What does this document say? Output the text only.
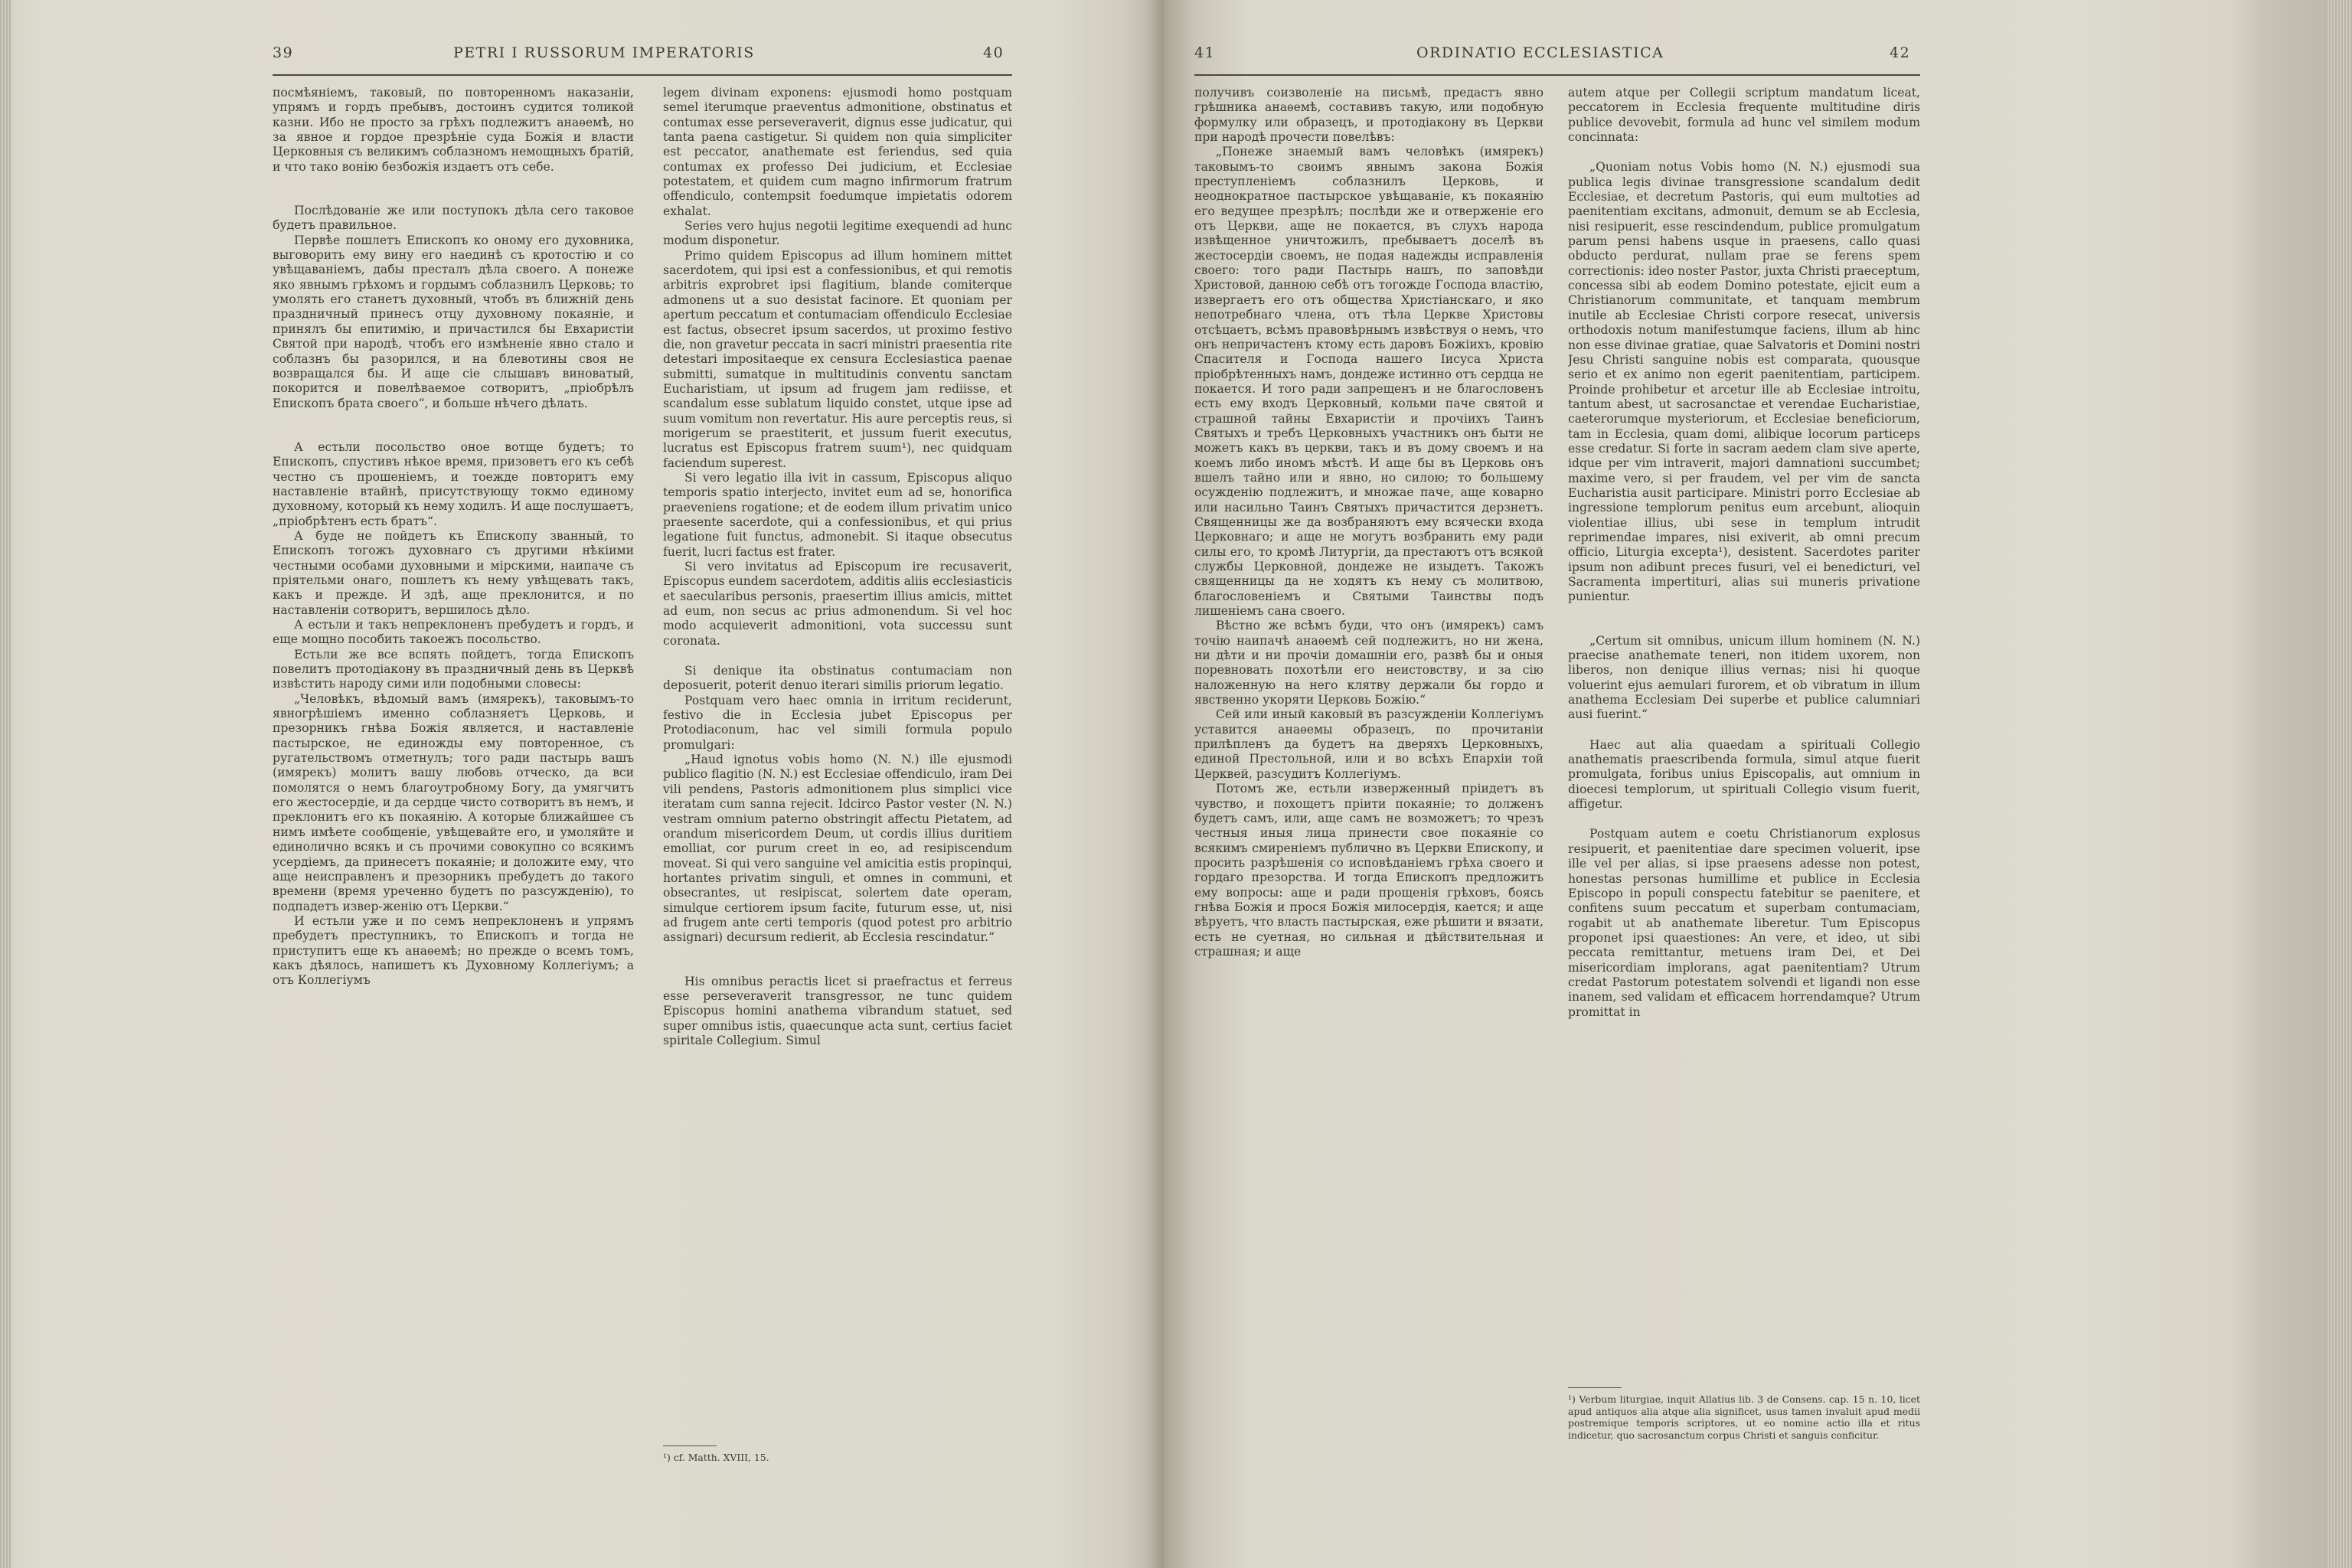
39	PETRI I RUSSORUM IMPERATORIS	40

посмѣянiемъ, таковый, по повторенномъ наказанiи, упрямъ и гордъ пребывъ, достоинъ судится толикой казни. Ибо не просто за грѣхъ подлежитъ анаѳемѣ, но за явное и гордое презрѣнiе суда Божiя и власти Церковныя съ великимъ соблазномъ немощныхъ братiй, и что тако вонію безбожія издаетъ отъ себе.

Послѣдованiе же или поступокъ дѣла сего таковое будетъ правильное.

Первѣе пошлетъ Епископъ ко оному его духовника, выговорить ему вину его наединѣ съ кротостiю и со увѣщаванiемъ, дабы престалъ дѣла своего. А понеже яко явнымъ грѣхомъ и гордымъ соблазнилъ Церковь; то умолять его станетъ духовный, чтобъ въ ближнiй день праздничный принесъ отцу духовному покаянiе, и принялъ бы епитимiю, и причастился бы Евхаристiи Святой при народѣ, чтобъ его измѣненiе явно стало и соблазнъ бы разорился, и на блевотины своя не возвращался бы. И аще сiе слышавъ виноватый, покорится и повелѣваемое сотворитъ, „прiобрѣлъ Епископъ брата своего“, и больше нѣчего дѣлать.

А естьли посольство оное вотще будетъ; то Епископъ, спустивъ нѣкое время, призоветъ его къ себѣ честно съ прошенiемъ, и тоежде повторитъ ему наставленiе втайнѣ, присутствующу токмо единому духовному, который къ нему ходилъ. И аще послушаетъ, „прiобрѣтенъ есть братъ“.

А буде не пойдетъ къ Епископу званный, то Епископъ тогожъ духовнаго съ другими нѣкiими честными особами духовными и мiрскими, наипаче съ прiятельми онаго, пошлетъ къ нему увѣщевать такъ, какъ и прежде. И здѣ, аще преклонится, и по наставленiи сотворитъ, вершилось дѣло.

А естьли и такъ непреклоненъ пребудетъ и гордъ, и еще мощно пособить такоежъ посольство.

Естьли же все вспять пойдетъ, тогда Епископъ повелитъ протодiакону въ праздничный день въ Церквѣ извѣстить народу сими или подобными словесы:

„Человѣкъ, вѣдомый вамъ (имярекъ), таковымъ-то явногрѣшiемъ именно соблазняетъ Церковь, и презорникъ гнѣва Божiя является, и наставленiе пастырское, не единожды ему повторенное, съ ругательствомъ отметнулъ; того ради пастырь вашъ (имярекъ) молитъ вашу любовь отческо, да вси помолятся о немъ благоутробному Богу, да умягчитъ его жестосердiе, и да сердце чисто сотворитъ въ немъ, и преклонитъ его къ покаянiю. А которые ближайшее съ нимъ имѣете сообщенiе, увѣщевайте его, и умоляйте и единолично всякъ и съ прочими совокупно со всякимъ усердiемъ, да принесетъ покаянiе; и доложите ему, что аще неисправленъ и презорникъ пребудетъ до такого времени (время уреченно будетъ по разсужденiю), то подпадетъ извер-женiю отъ Церкви.“

И естьли уже и по семъ непреклоненъ и упрямъ пребудетъ преступникъ, то Епископъ и тогда не приступитъ еще къ анаѳемѣ; но прежде о всемъ томъ, какъ дѣялось, напишетъ къ Духовному Коллегiумъ; а отъ Коллегiумъ

legem divinam exponens: ejusmodi homo postquam semel iterumque praeventus admonitione, obstinatus et contumax esse perseveraverit, dignus esse judicatur, qui tanta paena castigetur. Si quidem non quia simpliciter est peccator, anathemate est feriendus, sed quia contumax ex professo Dei judicium, et Ecclesiae potestatem, et quidem cum magno infirmorum fratrum offendiculo, contempsit foedumque impietatis odorem exhalat.

Series vero hujus negotii legitime exequendi ad hunc modum disponetur.

Primo quidem Episcopus ad illum hominem mittet sacerdotem, qui ipsi est a confessionibus, et qui remotis arbitris exprobret ipsi flagitium, blande comiterque admonens ut a suo desistat facinore. Et quoniam per apertum peccatum et contumaciam offendiculo Ecclesiae est factus, obsecret ipsum sacerdos, ut proximo festivo die, non gravetur peccata in sacri ministri praesentia rite detestari impositaeque ex censura Ecclesiastica paenae submitti, sumatque in multitudinis conventu sanctam Eucharistiam, ut ipsum ad frugem jam rediisse, et scandalum esse sublatum liquido constet, utque ipse ad suum vomitum non revertatur. His aure perceptis reus, si morigerum se praestiterit, et jussum fuerit executus, lucratus est Episcopus fratrem suum¹), nec quidquam faciendum superest.

Si vero legatio illa ivit in cassum, Episcopus aliquo temporis spatio interjecto, invitet eum ad se, honorifica praeveniens rogatione; et de eodem illum privatim unico praesente sacerdote, qui a confessionibus, et qui prius legatione fuit functus, admonebit. Si itaque obsecutus fuerit, lucri factus est frater.

Si vero invitatus ad Episcopum ire recusaverit, Episcopus eundem sacerdotem, additis aliis ecclesiasticis et saecularibus personis, praesertim illius amicis, mittet ad eum, non secus ac prius admonendum. Si vel hoc modo acquieverit admonitioni, vota successu sunt coronata.

Si denique ita obstinatus contumaciam non deposuerit, poterit denuo iterari similis priorum legatio.

Postquam vero haec omnia in irritum reciderunt, festivo die in Ecclesia jubet Episcopus per Protodiaconum, hac vel simili formula populo promulgari:

„Haud ignotus vobis homo (N. N.) ille ejusmodi publico flagitio (N. N.) est Ecclesiae offendiculo, iram Dei vili pendens, Pastoris admonitionem plus simplici vice iteratam cum sanna rejecit. Idcirco Pastor vester (N. N.) vestram omnium paterno obstringit affectu Pietatem, ad orandum misericordem Deum, ut cordis illius duritiem emolliat, cor purum creet in eo, ad resipiscendum moveat. Si qui vero sanguine vel amicitia estis propinqui, hortantes privatim singuli, et omnes in communi, et obsecrantes, ut resipiscat, solertem date operam, simulque certiorem ipsum facite, futurum esse, ut, nisi ad frugem ante certi temporis (quod potest pro arbitrio assignari) decursum redierit, ab Ecclesia rescindatur.“

His omnibus peractis licet si praefractus et ferreus esse perseveraverit transgressor, ne tunc quidem Episcopus homini anathema vibrandum statuet, sed super omnibus istis, quaecunque acta sunt, certius faciet spiritale Collegium. Simul

¹) cf. Matth. XVIII, 15.
41	ORDINATIO ECCLESIASTICA	42

получивъ соизволенiе на письмѣ, предастъ явно грѣшника анаѳемѣ, составивъ такую, или подобную формулку или образецъ, и протодiакону въ Церкви при народѣ прочести повелѣвъ:

„Понеже знаемый вамъ человѣкъ (имярекъ) таковымъ-то своимъ явнымъ закона Божiя преступленiемъ соблазнилъ Церковь, и неоднократное пастырское увѣщаванiе, къ покаянiю его ведущее презрѣлъ; послѣди же и отверженiе его отъ Церкви, аще не покается, въ слухъ народа извѣщенное уничтожилъ, пребываетъ доселѣ въ жестосердiи своемъ, не подая надежды исправленiя своего: того ради Пастырь нашъ, по заповѣди Христовой, данною себѣ отъ тогожде Господа властiю, извергаетъ его отъ общества Христiанскаго, и яко непотребнаго члена, отъ тѣла Церкве Христовы отсѣцаетъ, всѣмъ правовѣрнымъ извѣствуя о немъ, что онъ непричастенъ ктому есть даровъ Божiихъ, кровiю Спасителя и Господа нашего Iисуса Христа прiобрѣтенныхъ намъ, дондеже истинно отъ сердца не покается. И того ради запрещенъ и не благословенъ есть ему входъ Церковный, кольми паче святой и страшной тайны Евхаристiи и прочiихъ Таинъ Святыхъ и требъ Церковныхъ участникъ онъ быти не можетъ какъ въ церкви, такъ и въ дому своемъ и на коемъ либо иномъ мѣстѣ. И аще бы въ Церковь онъ вшелъ тайно или и явно, но силою; то большему осужденiю подлежитъ, и множае паче, аще коварно или насильно Таинъ Святыхъ причастится дерзнетъ. Священницы же да возбраняютъ ему всячески входа Церковнаго; и аще не могутъ возбранить ему ради силы его, то кромѣ Литургiи, да престаютъ отъ всякой службы Церковной, дондеже не изыдетъ. Такожъ священницы да не ходятъ къ нему съ молитвою, благословенiемъ и Святыми Таинствы подъ лишенiемъ сана своего.

Вѣстно же всѣмъ буди, что онъ (имярекъ) самъ точiю наипачѣ анаѳемѣ сей подлежитъ, но ни жена, ни дѣти и ни прочiи домашнiи его, развѣ бы и оныя поревновать похотѣли его неистовству, и за сiю наложенную на него клятву держали бы гордо и явственно укоряти Церковь Божiю.“

Сей или иный каковый въ разсужденiи Коллегiумъ уставится анаѳемы образецъ, по прочитанiи прилѣпленъ да будетъ на дверяхъ Церковныхъ, единой Престольной, или и во всѣхъ Епархiи той Церквей, разсудитъ Коллегiумъ.

Потомъ же, естьли изверженный прiидетъ въ чувство, и похощетъ прiити покаянiе; то долженъ будетъ самъ, или, аще самъ не возможетъ; то чрезъ честныя иныя лица принести свое покаянiе со всякимъ смиренiемъ публично въ Церкви Епископу, и просить разрѣшенiя со исповѣданiемъ грѣха своего и гордаго презорства. И тогда Епископъ предложитъ ему вопросы: аще и ради прощенiя грѣховъ, боясь гнѣва Божiя и прося Божiя милосердiя, кается; и аще вѣруетъ, что власть пастырская, еже рѣшити и вязати, есть не суетная, но сильная и дѣйствительная и страшная; и аще

autem atque per Collegii scriptum mandatum liceat, peccatorem in Ecclesia frequente multitudine diris publice devovebit, formula ad hunc vel similem modum concinnata:

„Quoniam notus Vobis homo (N. N.) ejusmodi sua publica legis divinae transgressione scandalum dedit Ecclesiae, et decretum Pastoris, qui eum multoties ad paenitentiam excitans, admonuit, demum se ab Ecclesia, nisi resipuerit, esse rescindendum, publice promulgatum parum pensi habens usque in praesens, callo quasi obducto perdurat, nullam prae se ferens spem correctionis: ideo noster Pastor, juxta Christi praeceptum, concessa sibi ab eodem Domino potestate, ejicit eum a Christianorum communitate, et tanquam membrum inutile ab Ecclesiae Christi corpore resecat, universis orthodoxis notum manifestumque faciens, illum ab hinc non esse divinae gratiae, quae Salvatoris et Domini nostri Jesu Christi sanguine nobis est comparata, quousque serio et ex animo non egerit paenitentiam, participem. Proinde prohibetur et arcetur ille ab Ecclesiae introitu, tantum abest, ut sacrosanctae et verendae Eucharistiae, caeterorumque mysteriorum, et Ecclesiae beneficiorum, tam in Ecclesia, quam domi, alibique locorum particeps esse credatur. Si forte in sacram aedem clam sive aperte, idque per vim intraverit, majori damnationi succumbet; maxime vero, si per fraudem, vel per vim de sancta Eucharistia ausit participare. Ministri porro Ecclesiae ab ingressione templorum penitus eum arcebunt, alioquin violentiae illius, ubi sese in templum intrudit reprimendae impares, nisi exiverit, ab omni precum officio, Liturgia excepta¹), desistent. Sacerdotes pariter ipsum non adibunt preces fusuri, vel ei benedicturi, vel Sacramenta impertituri, alias sui muneris privatione punientur.

„Certum sit omnibus, unicum illum hominem (N. N.) praecise anathemate teneri, non itidem uxorem, non liberos, non denique illius vernas; nisi hi quoque voluerint ejus aemulari furorem, et ob vibratum in illum anathema Ecclesiam Dei superbe et publice calumniari ausi fuerint.“

Haec aut alia quaedam a spirituali Collegio anathematis praescribenda formula, simul atque fuerit promulgata, foribus unius Episcopalis, aut omnium in dioecesi templorum, ut spirituali Collegio visum fuerit, affigetur.

Postquam autem e coetu Christianorum explosus resipuerit, et paenitentiae dare specimen voluerit, ipse ille vel per alias, si ipse praesens adesse non potest, honestas personas humillime et publice in Ecclesia Episcopo in populi conspectu fatebitur se paenitere, et confitens suum peccatum et superbam contumaciam, rogabit ut ab anathemate liberetur. Tum Episcopus proponet ipsi quaestiones: An vere, et ideo, ut sibi peccata remittantur, metuens iram Dei, et Dei misericordiam implorans, agat paenitentiam? Utrum credat Pastorum potestatem solvendi et ligandi non esse inanem, sed validam et efficacem horrendamque? Utrum promittat in

¹) Verbum liturgiae, inquit Allatius lib. 3 de Consens. cap. 15 n. 10, licet apud antiquos alia atque alia significet, usus tamen invaluit apud medii postremique temporis scriptores, ut eo nomine actio illa et ritus indicetur, quo sacrosanctum corpus Christi et sanguis conficitur.
